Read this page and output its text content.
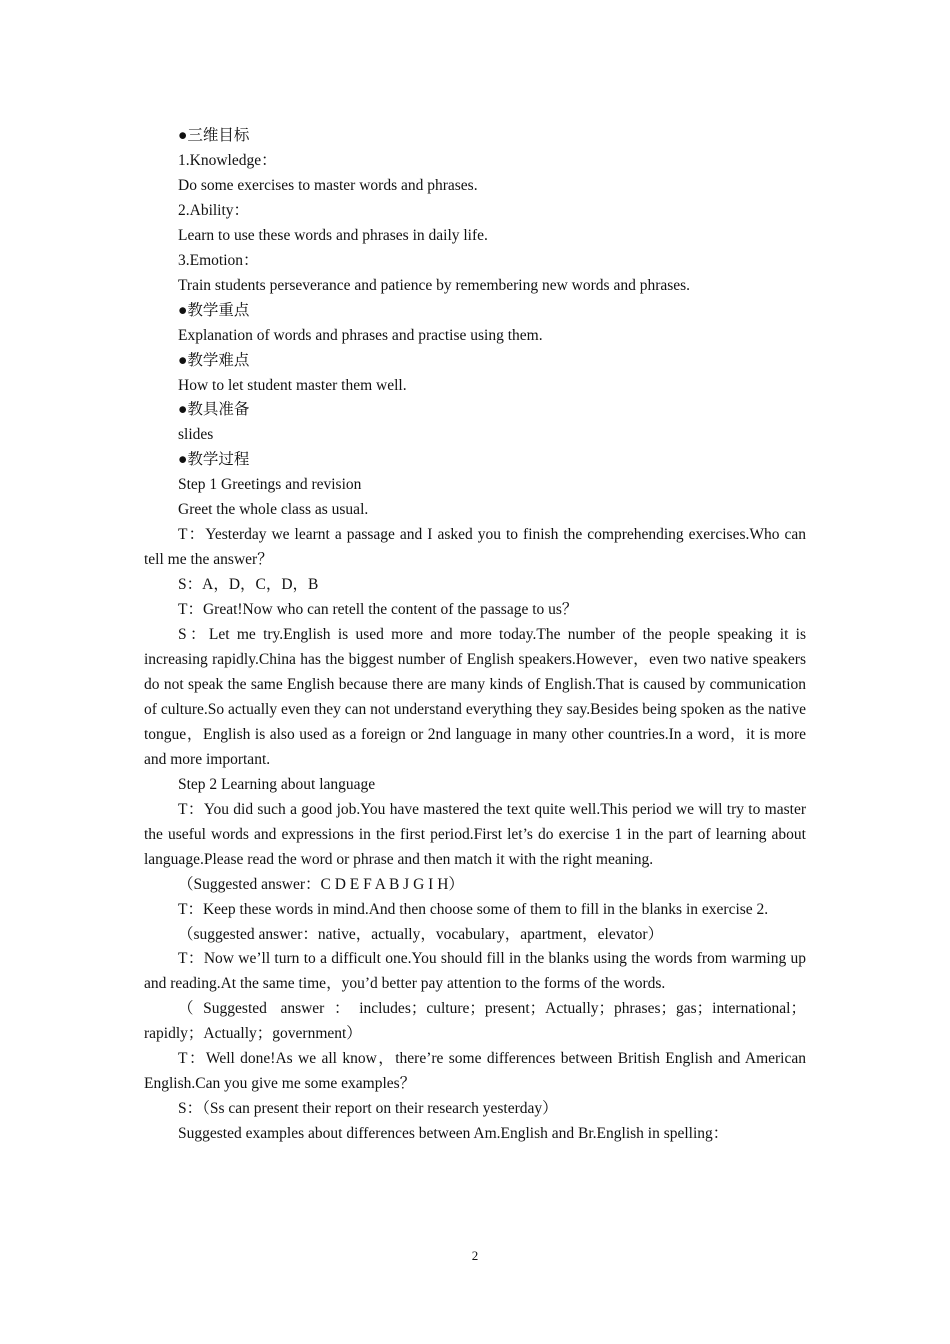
●三维目标

1.Knowledge：

Do some exercises to master words and phrases.

2.Ability：

Learn to use these words and phrases in daily life.

3.Emotion：

Train students perseverance and patience by remembering new words and phrases.

●教学重点

Explanation of words and phrases and practise using them.

●教学难点

How to let student master them well.

●教具准备

slides

●教学过程

Step 1 Greetings and revision

Greet the whole class as usual.

T：Yesterday we learnt a passage and I asked you to finish the comprehending exercises.Who can tell me the answer？

S：A，D，C，D，B

T：Great!Now who can retell the content of the passage to us？

S：Let me try.English is used more and more today.The number of the people speaking it is increasing rapidly.China has the biggest number of English speakers.However，even two native speakers do not speak the same English because there are many kinds of English.That is caused by communication of culture.So actually even they can not understand everything they say.Besides being spoken as the native tongue，English is also used as a foreign or 2nd language in many other countries.In a word，it is more and more important.

Step 2 Learning about language

T：You did such a good job.You have mastered the text quite well.This period we will try to master the useful words and expressions in the first period.First let’s do exercise 1 in the part of learning about language.Please read the word or phrase and then match it with the right meaning.

（Suggested answer：C D E F A B J G I H）

T：Keep these words in mind.And then choose some of them to fill in the blanks in exercise 2.

（suggested answer：native，actually，vocabulary，apartment，elevator）

T：Now we’ll turn to a difficult one.You should fill in the blanks using the words from warming up and reading.At the same time，you’d better pay attention to the forms of the words.

（Suggested answer：includes；culture；present；Actually；phrases；gas；international；rapidly；Actually；government）

T：Well done!As we all know，there’re some differences between British English and American English.Can you give me some examples？

S：（Ss can present their report on their research yesterday）

Suggested examples about differences between Am.English and Br.English in spelling：

2
